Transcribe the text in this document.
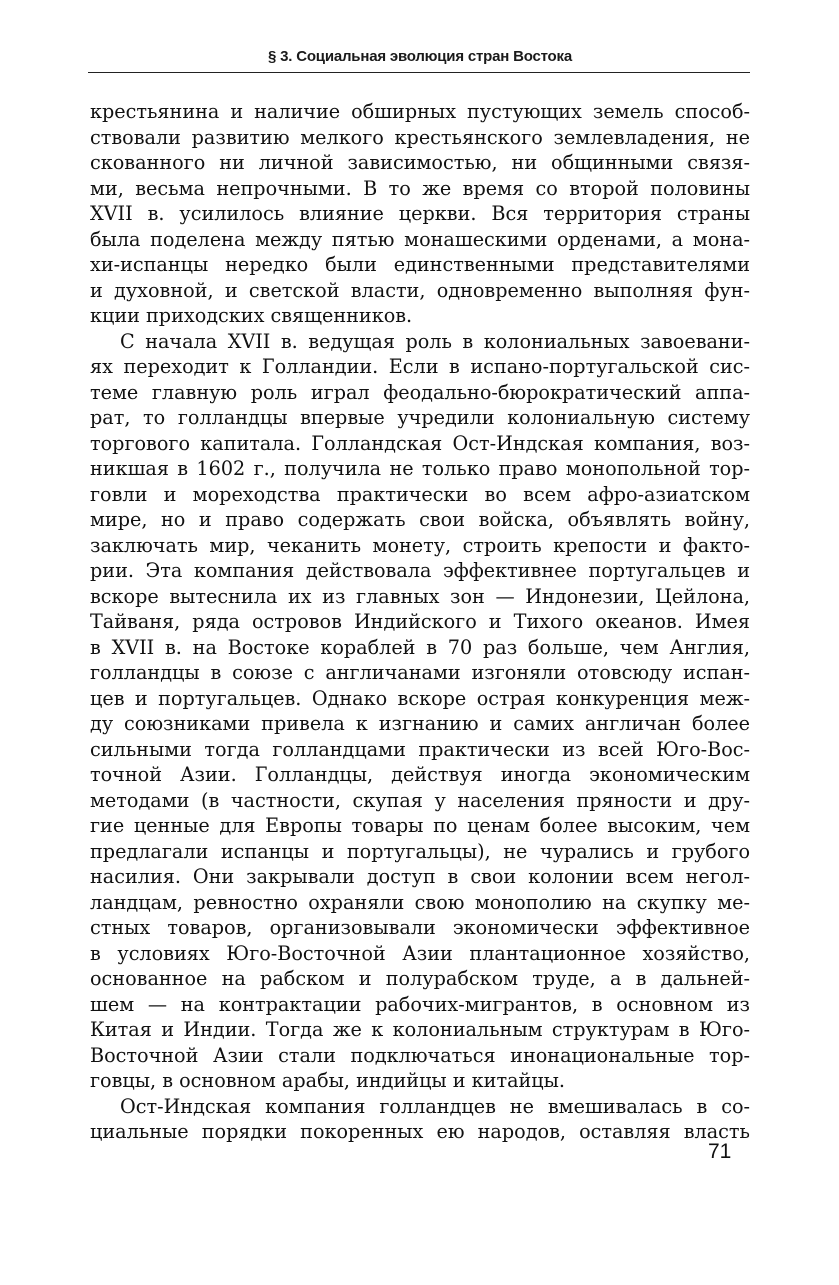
§ 3. Социальная эволюция стран Востока

крестьянина и наличие обширных пустующих земель способ-
ствовали развитию мелкого крестьянского землевладения, не
скованного ни личной зависимостью, ни общинными связя-
ми, весьма непрочными. В то же время со второй половины
XVII в. усилилось влияние церкви. Вся территория страны
была поделена между пятью монашескими орденами, а мона-
хи-испанцы нередко были единственными представителями
и духовной, и светской власти, одновременно выполняя фун-
кции приходских священников.

С начала XVII в. ведущая роль в колониальных завоевани-
ях переходит к Голландии. Если в испано-португальской сис-
теме главную роль играл феодально-бюрократический аппа-
рат, то голландцы впервые учредили колониальную систему
торгового капитала. Голландская Ост-Индская компания, воз-
никшая в 1602 г., получила не только право монопольной тор-
говли и мореходства практически во всем афро-азиатском
мире, но и право содержать свои войска, объявлять войну,
заключать мир, чеканить монету, строить крепости и факто-
рии. Эта компания действовала эффективнее португальцев и
вскоре вытеснила их из главных зон — Индонезии, Цейлона,
Тайваня, ряда островов Индийского и Тихого океанов. Имея
в XVII в. на Востоке кораблей в 70 раз больше, чем Англия,
голландцы в союзе с англичанами изгоняли отовсюду испан-
цев и португальцев. Однако вскоре острая конкуренция меж-
ду союзниками привела к изгнанию и самих англичан более
сильными тогда голландцами практически из всей Юго-Вос-
точной Азии. Голландцы, действуя иногда экономическим
методами (в частности, скупая у населения пряности и дру-
гие ценные для Европы товары по ценам более высоким, чем
предлагали испанцы и португальцы), не чурались и грубого
насилия. Они закрывали доступ в свои колонии всем негол-
ландцам, ревностно охраняли свою монополию на скупку ме-
стных товаров, организовывали экономически эффективное
в условиях Юго-Восточной Азии плантационное хозяйство,
основанное на рабском и полурабском труде, а в дальней-
шем — на контрактации рабочих-мигрантов, в основном из
Китая и Индии. Тогда же к колониальным структурам в Юго-
Восточной Азии стали подключаться инонациональные тор-
говцы, в основном арабы, индийцы и китайцы.

Ост-Индская компания голландцев не вмешивалась в со-
циальные порядки покоренных ею народов, оставляя власть

71
